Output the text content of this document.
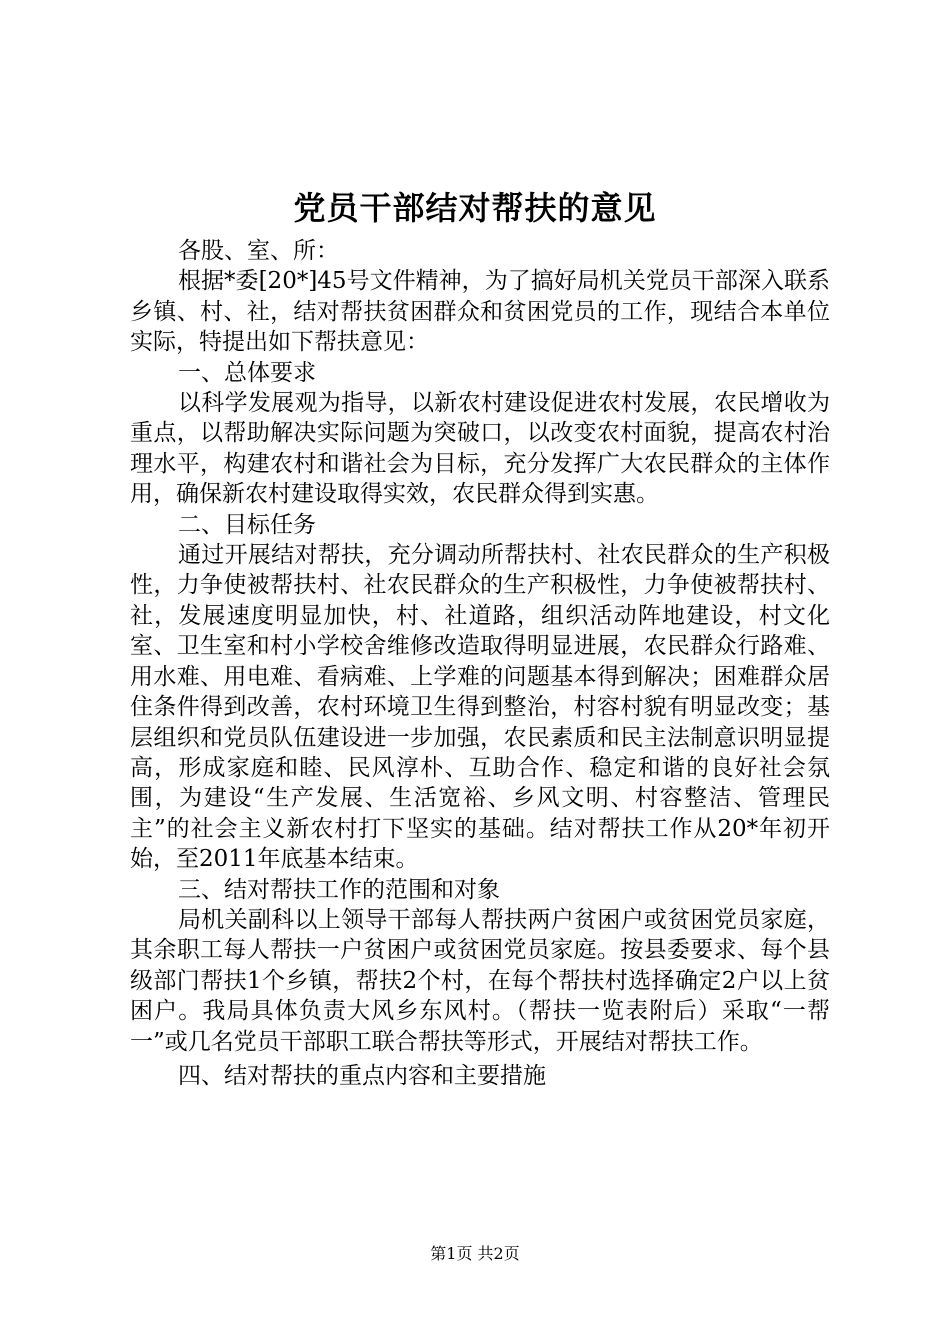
党员干部结对帮扶的意见

各股、室、所：

根据*委[20*]45号文件精神，为了搞好局机关党员干部深入联系乡镇、村、社，结对帮扶贫困群众和贫困党员的工作，现结合本单位实际，特提出如下帮扶意见：

一、总体要求

以科学发展观为指导，以新农村建设促进农村发展，农民增收为重点，以帮助解决实际问题为突破口，以改变农村面貌，提高农村治理水平，构建农村和谐社会为目标，充分发挥广大农民群众的主体作用，确保新农村建设取得实效，农民群众得到实惠。

二、目标任务

通过开展结对帮扶，充分调动所帮扶村、社农民群众的生产积极性，力争使被帮扶村、社农民群众的生产积极性，力争使被帮扶村、社，发展速度明显加快，村、社道路，组织活动阵地建设，村文化室、卫生室和村小学校舍维修改造取得明显进展，农民群众行路难、用水难、用电难、看病难、上学难的问题基本得到解决；困难群众居住条件得到改善，农村环境卫生得到整治，村容村貌有明显改变；基层组织和党员队伍建设进一步加强，农民素质和民主法制意识明显提高，形成家庭和睦、民风淳朴、互助合作、稳定和谐的良好社会氛围，为建设“生产发展、生活宽裕、乡风文明、村容整洁、管理民主”的社会主义新农村打下坚实的基础。结对帮扶工作从20*年初开始，至2011年底基本结束。

三、结对帮扶工作的范围和对象

局机关副科以上领导干部每人帮扶两户贫困户或贫困党员家庭，其余职工每人帮扶一户贫困户或贫困党员家庭。按县委要求、每个县级部门帮扶1个乡镇，帮扶2个村，在每个帮扶村选择确定2户以上贫困户。我局具体负责大风乡东风村。（帮扶一览表附后）采取“一帮一”或几名党员干部职工联合帮扶等形式，开展结对帮扶工作。

四、结对帮扶的重点内容和主要措施
第1页 共2页
